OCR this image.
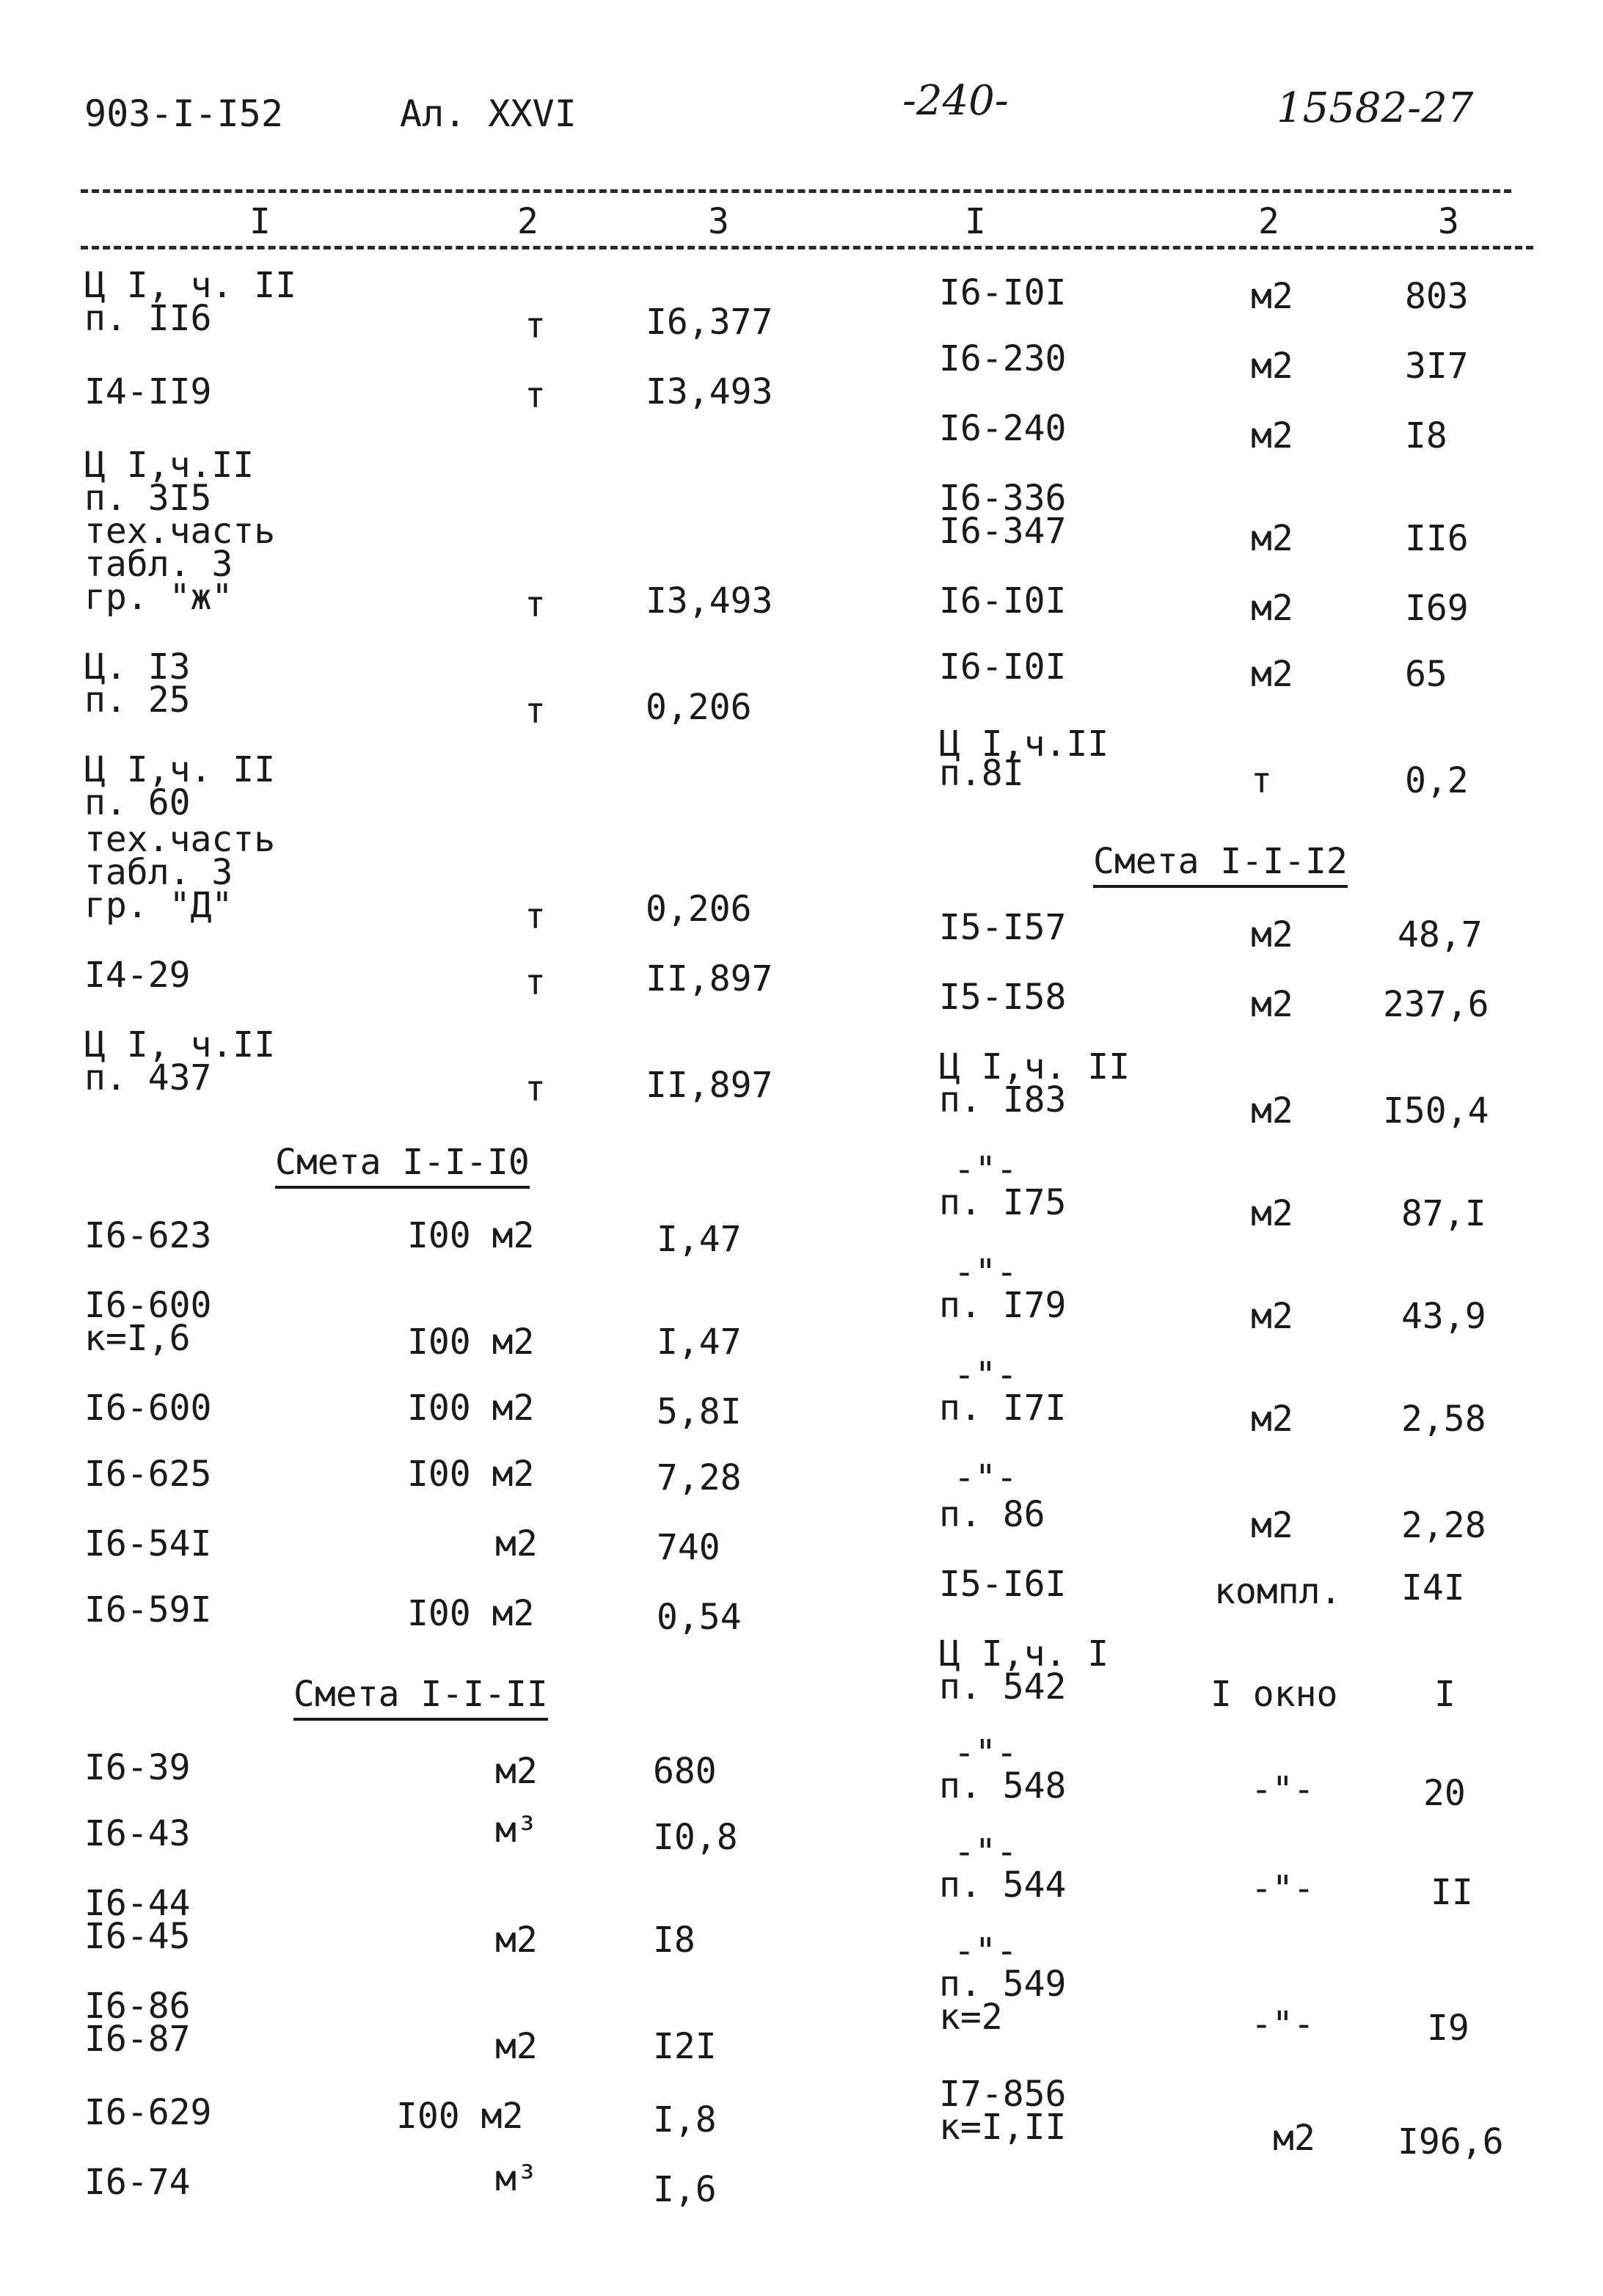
903-I-I52	Ал. XXVI	-240-	15582-27
I	2	3	I	2	3
Ц I, ч. II
п. II6	т	I6,377
I4-II9	т	I3,493
Ц I,ч.II
п. 3I5
тех.часть
табл. 3
гр. "ж"	т	I3,493
Ц. I3
п. 25	т	0,206
Ц I,ч. II
п. 60
тех.часть
табл. 3
гр. "Д"	т	0,206
I4-29	т	II,897
Ц I, ч.II
п. 437	т	II,897
Смета I-I-I0
I6-623	I00 м2	I,47
I6-600
к=I,6	I00 м2	I,47
I6-600	I00 м2	5,8I
I6-625	I00 м2	7,28
I6-54I	м2	740
I6-59I	I00 м2	0,54
Смета I-I-II
I6-39	м2	680
I6-43	м³	I0,8
I6-44
I6-45	м2	I8
I6-86
I6-87	м2	I2I
I6-629	I00 м2	I,8
I6-74	м³	I,6
I6-I0I	м2	803
I6-230	м2	3I7
I6-240	м2	I8
I6-336
I6-347	м2	II6
I6-I0I	м2	I69
I6-I0I	м2	65
Ц I,ч.II
п.8I	т	0,2
Смета I-I-I2
I5-I57	м2	48,7
I5-I58	м2	237,6
Ц I,ч. II
п. I83	м2	I50,4
-"-
п. I75	м2	87,I
-"-
п. I79	м2	43,9
-"-
п. I7I	м2	2,58
-"-
п. 86	м2	2,28
I5-I6I	компл. I4I
Ц I,ч. I
п. 542	I окно	I
-"-
п. 548	-"-	20
-"-
п. 544	-"-	II
-"-
п. 549
к=2	-"-	I9
I7-856
к=I,II	м2 I96,6
